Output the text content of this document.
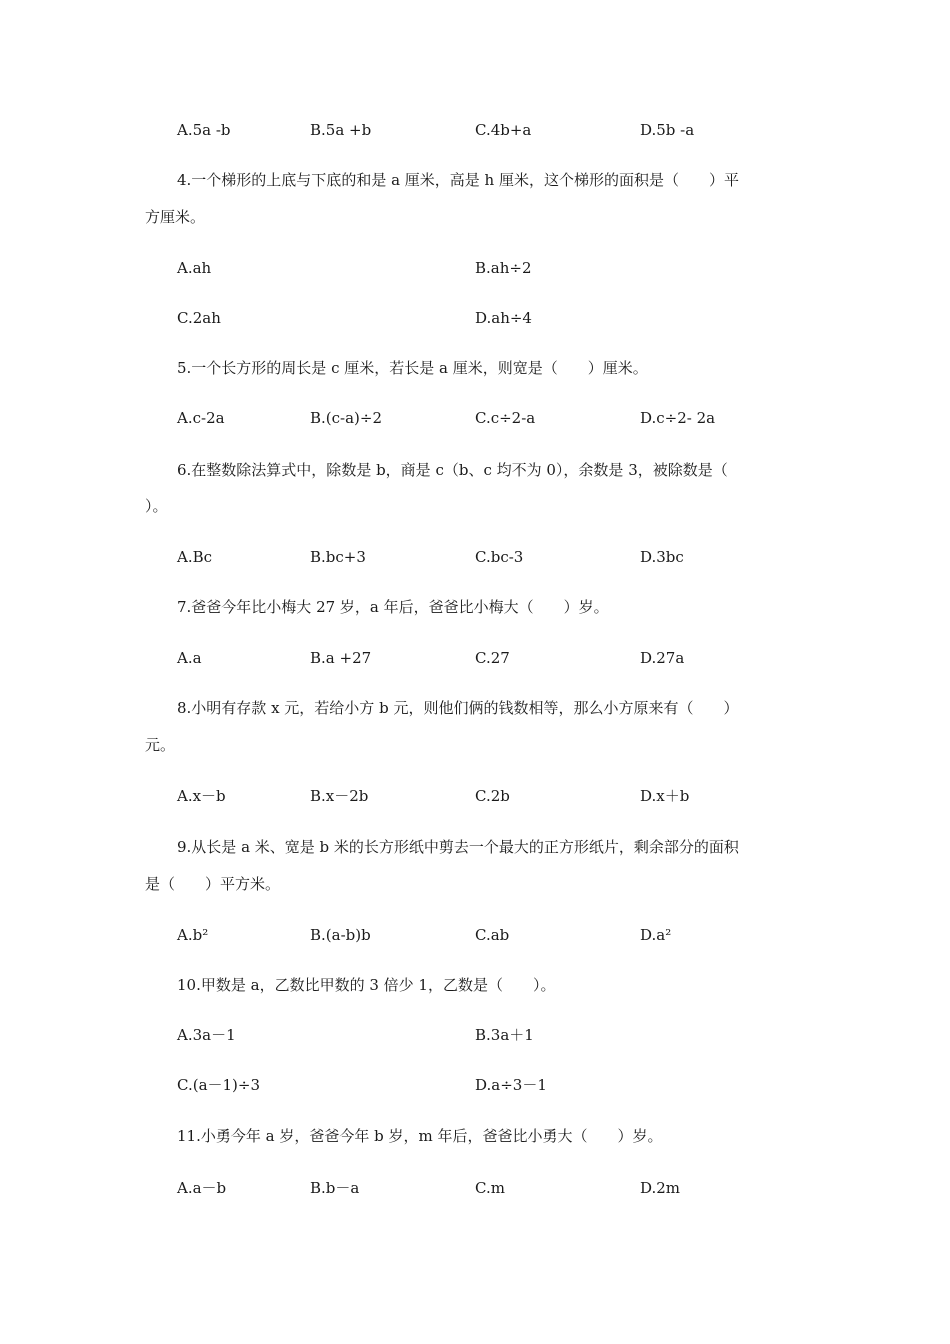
A.5a -b	B.5a +b	C.4b+a	D.5b -a
4.一个梯形的上底与下底的和是 a 厘米，高是 h 厘米，这个梯形的面积是（　　）平
方厘米。
A.ah	B.ah÷2
C.2ah	D.ah÷4
5.一个长方形的周长是 c 厘米，若长是 a 厘米，则宽是（　　）厘米。
A.c-2a	B.(c-a)÷2	C.c÷2-a	D.c÷2- 2a
6.在整数除法算式中，除数是 b，商是 c（b、c 均不为 0），余数是 3，被除数是（
）。
A.Bc	B.bc+3	C.bc-3	D.3bc
7.爸爸今年比小梅大 27 岁，a 年后，爸爸比小梅大（　　）岁。
A.a	B.a +27	C.27	D.27a
8.小明有存款 x 元，若给小方 b 元，则他们俩的钱数相等，那么小方原来有（　　）
元。
A.x－b	B.x－2b	C.2b	D.x＋b
9.从长是 a 米、宽是 b 米的长方形纸中剪去一个最大的正方形纸片，剩余部分的面积
是（　　）平方米。
A.b²	B.(a-b)b	C.ab	D.a²
10.甲数是 a，乙数比甲数的 3 倍少 1，乙数是（　　）。
A.3a－1	B.3a＋1
C.(a－1)÷3	D.a÷3－1
11.小勇今年 a 岁，爸爸今年 b 岁，m 年后，爸爸比小勇大（　　）岁。
A.a－b	B.b－a	C.m	D.2m
